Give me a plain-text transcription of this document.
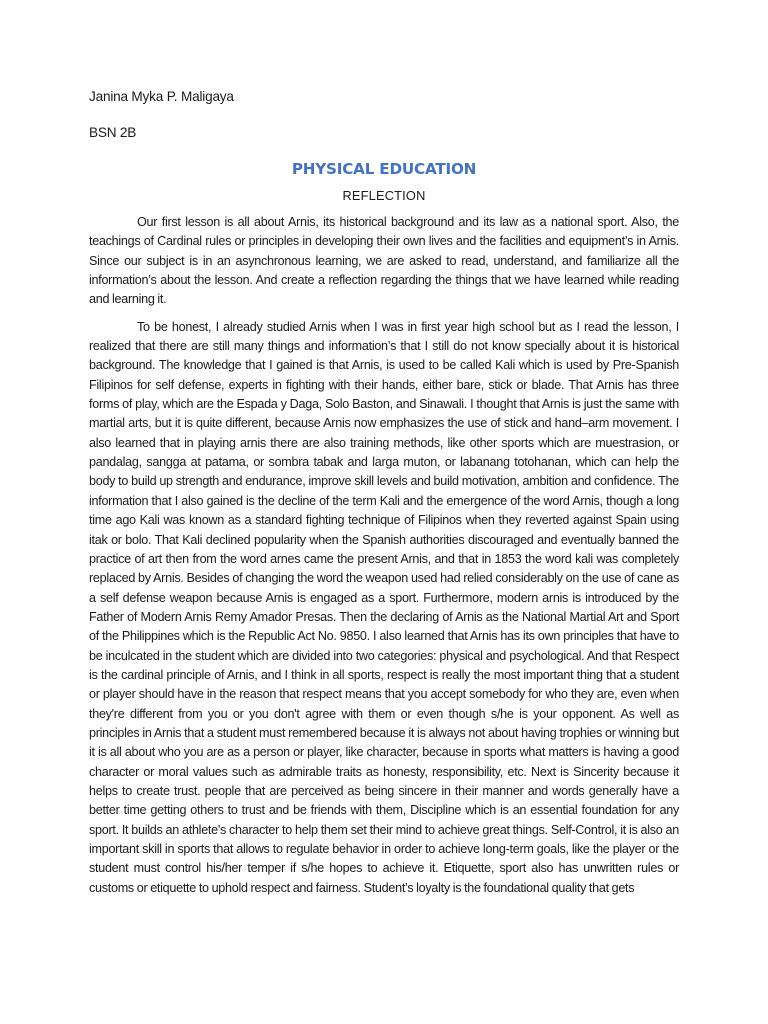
Janina Myka P. Maligaya
BSN 2B
PHYSICAL EDUCATION
REFLECTION

Our first lesson is all about Arnis, its historical background and its law as a national sport. Also, the teachings of Cardinal rules or principles in developing their own lives and the facilities and equipment’s in Arnis. Since our subject is in an asynchronous learning, we are asked to read, understand, and familiarize all the information’s about the lesson. And create a reflection regarding the things that we have learned while reading and learning it.

To be honest, I already studied Arnis when I was in first year high school but as I read the lesson, I realized that there are still many things and information’s that I still do not know specially about it is historical background. The knowledge that I gained is that Arnis, is used to be called Kali which is used by Pre-Spanish Filipinos for self defense, experts in fighting with their hands, either bare, stick or blade. That Arnis has three forms of play, which are the Espada y Daga, Solo Baston, and Sinawali. I thought that Arnis is just the same with martial arts, but it is quite different, because Arnis now emphasizes the use of stick and hand–arm movement. I also learned that in playing arnis there are also training methods, like other sports which are muestrasion, or pandalag, sangga at patama, or sombra tabak and larga muton, or labanang totohanan, which can help the body to build up strength and endurance, improve skill levels and build motivation, ambition and confidence. The information that I also gained is the decline of the term Kali and the emergence of the word Arnis, though a long time ago Kali was known as a standard fighting technique of Filipinos when they reverted against Spain using itak or bolo. That Kali declined popularity when the Spanish authorities discouraged and eventually banned the practice of art then from the word arnes came the present Arnis, and that in 1853 the word kali was completely replaced by Arnis. Besides of changing the word the weapon used had relied considerably on the use of cane as a self defense weapon because Arnis is engaged as a sport. Furthermore, modern arnis is introduced by the Father of Modern Arnis Remy Amador Presas. Then the declaring of Arnis as the National Martial Art and Sport of the Philippines which is the Republic Act No. 9850. I also learned that Arnis has its own principles that have to be inculcated in the student which are divided into two categories: physical and psychological. And that Respect is the cardinal principle of Arnis, and I think in all sports, respect is really the most important thing that a student or player should have in the reason that respect means that you accept somebody for who they are, even when they're different from you or you don't agree with them or even though s/he is your opponent. As well as principles in Arnis that a student must remembered because it is always not about having trophies or winning but it is all about who you are as a person or player, like character, because in sports what matters is having a good character or moral values such as admirable traits as honesty, responsibility, etc. Next is Sincerity because it helps to create trust. people that are perceived as being sincere in their manner and words generally have a better time getting others to trust and be friends with them, Discipline which is an essential foundation for any sport. It builds an athlete's character to help them set their mind to achieve great things. Self-Control, it is also an important skill in sports that allows to regulate behavior in order to achieve long-term goals, like the player or the student must control his/her temper if s/he hopes to achieve it. Etiquette, sport also has unwritten rules or customs or etiquette to uphold respect and fairness. Student’s loyalty is the foundational quality that gets
